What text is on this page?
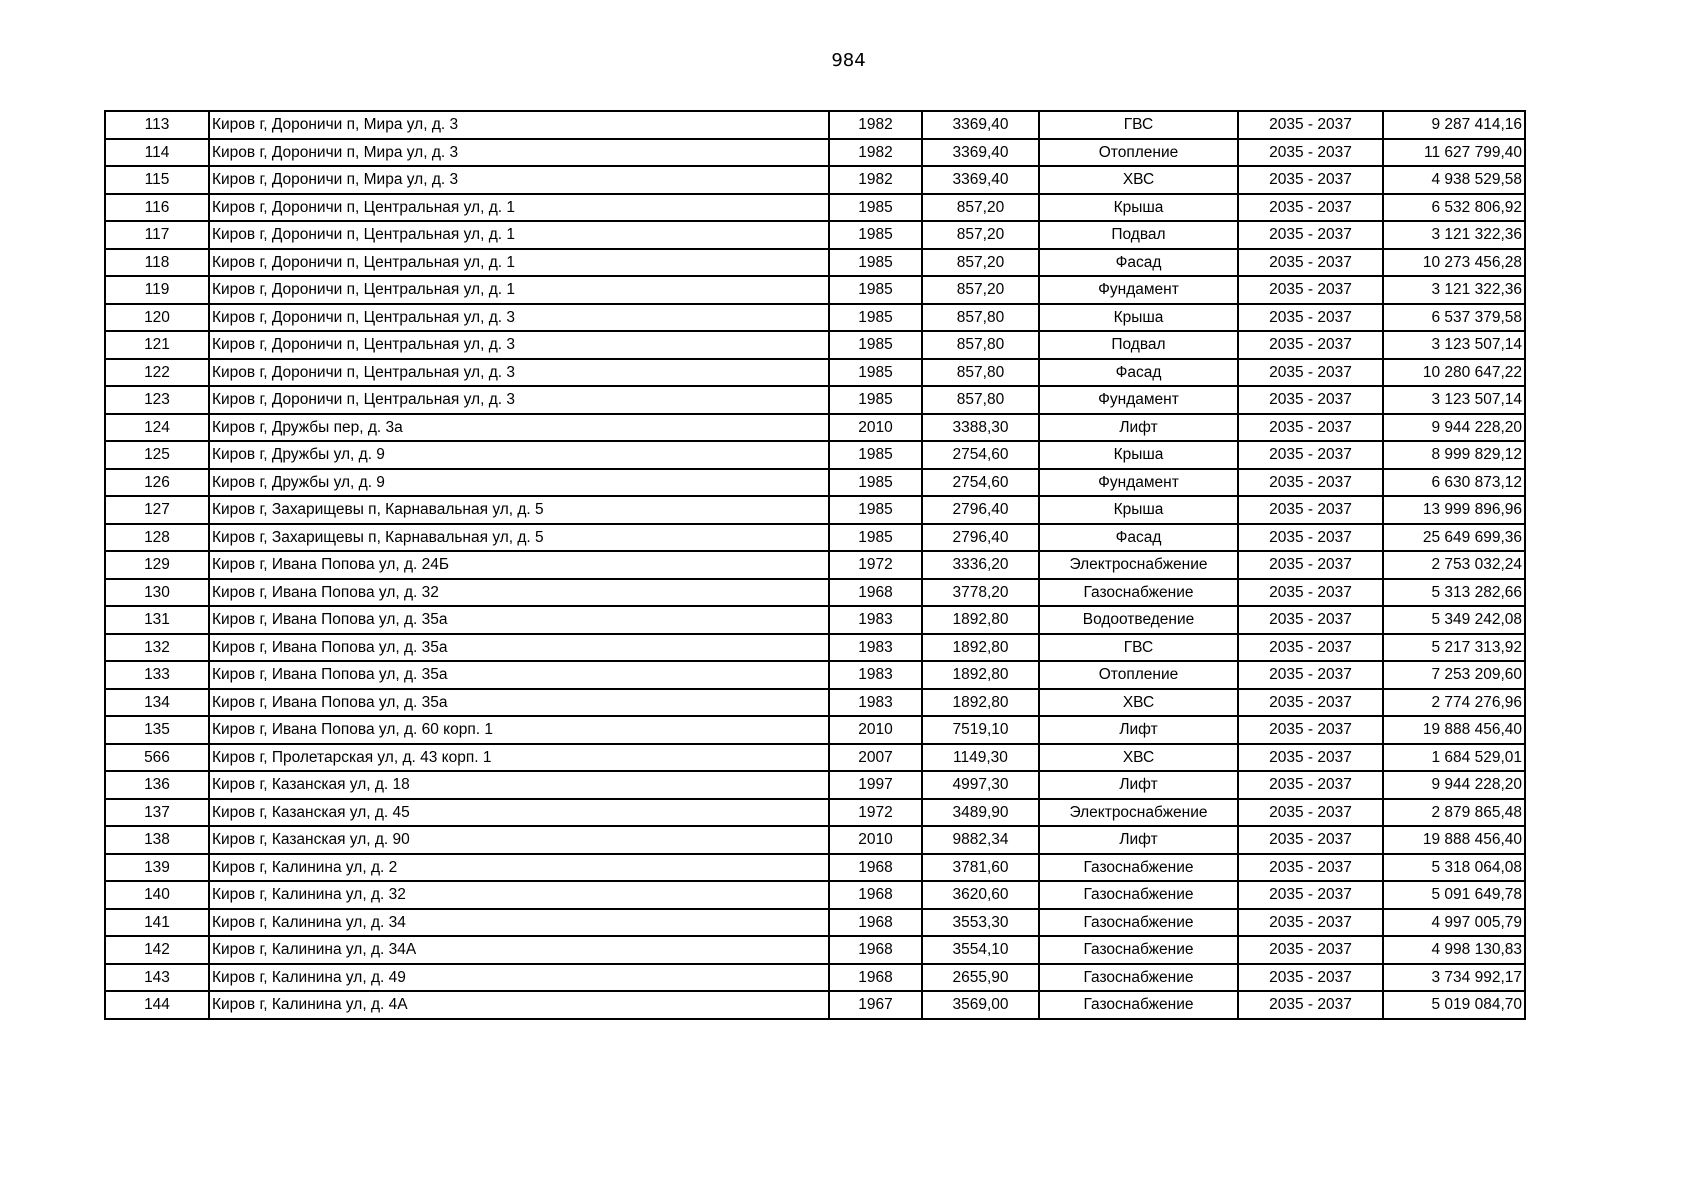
984
113	Киров г, Дороничи п, Мира ул, д. 3	1982	3369,40	ГВС	2035 - 2037	9 287 414,16
114	Киров г, Дороничи п, Мира ул, д. 3	1982	3369,40	Отопление	2035 - 2037	11 627 799,40
115	Киров г, Дороничи п, Мира ул, д. 3	1982	3369,40	ХВС	2035 - 2037	4 938 529,58
116	Киров г, Дороничи п, Центральная ул, д. 1	1985	857,20	Крыша	2035 - 2037	6 532 806,92
117	Киров г, Дороничи п, Центральная ул, д. 1	1985	857,20	Подвал	2035 - 2037	3 121 322,36
118	Киров г, Дороничи п, Центральная ул, д. 1	1985	857,20	Фасад	2035 - 2037	10 273 456,28
119	Киров г, Дороничи п, Центральная ул, д. 1	1985	857,20	Фундамент	2035 - 2037	3 121 322,36
120	Киров г, Дороничи п, Центральная ул, д. 3	1985	857,80	Крыша	2035 - 2037	6 537 379,58
121	Киров г, Дороничи п, Центральная ул, д. 3	1985	857,80	Подвал	2035 - 2037	3 123 507,14
122	Киров г, Дороничи п, Центральная ул, д. 3	1985	857,80	Фасад	2035 - 2037	10 280 647,22
123	Киров г, Дороничи п, Центральная ул, д. 3	1985	857,80	Фундамент	2035 - 2037	3 123 507,14
124	Киров г, Дружбы пер, д. 3а	2010	3388,30	Лифт	2035 - 2037	9 944 228,20
125	Киров г, Дружбы ул, д. 9	1985	2754,60	Крыша	2035 - 2037	8 999 829,12
126	Киров г, Дружбы ул, д. 9	1985	2754,60	Фундамент	2035 - 2037	6 630 873,12
127	Киров г, Захарищевы п, Карнавальная ул, д. 5	1985	2796,40	Крыша	2035 - 2037	13 999 896,96
128	Киров г, Захарищевы п, Карнавальная ул, д. 5	1985	2796,40	Фасад	2035 - 2037	25 649 699,36
129	Киров г, Ивана Попова ул, д. 24Б	1972	3336,20	Электроснабжение	2035 - 2037	2 753 032,24
130	Киров г, Ивана Попова ул, д. 32	1968	3778,20	Газоснабжение	2035 - 2037	5 313 282,66
131	Киров г, Ивана Попова ул, д. 35а	1983	1892,80	Водоотведение	2035 - 2037	5 349 242,08
132	Киров г, Ивана Попова ул, д. 35а	1983	1892,80	ГВС	2035 - 2037	5 217 313,92
133	Киров г, Ивана Попова ул, д. 35а	1983	1892,80	Отопление	2035 - 2037	7 253 209,60
134	Киров г, Ивана Попова ул, д. 35а	1983	1892,80	ХВС	2035 - 2037	2 774 276,96
135	Киров г, Ивана Попова ул, д. 60 корп. 1	2010	7519,10	Лифт	2035 - 2037	19 888 456,40
566	Киров г, Пролетарская ул, д. 43 корп. 1	2007	1149,30	ХВС	2035 - 2037	1 684 529,01
136	Киров г, Казанская ул, д. 18	1997	4997,30	Лифт	2035 - 2037	9 944 228,20
137	Киров г, Казанская ул, д. 45	1972	3489,90	Электроснабжение	2035 - 2037	2 879 865,48
138	Киров г, Казанская ул, д. 90	2010	9882,34	Лифт	2035 - 2037	19 888 456,40
139	Киров г, Калинина ул, д. 2	1968	3781,60	Газоснабжение	2035 - 2037	5 318 064,08
140	Киров г, Калинина ул, д. 32	1968	3620,60	Газоснабжение	2035 - 2037	5 091 649,78
141	Киров г, Калинина ул, д. 34	1968	3553,30	Газоснабжение	2035 - 2037	4 997 005,79
142	Киров г, Калинина ул, д. 34А	1968	3554,10	Газоснабжение	2035 - 2037	4 998 130,83
143	Киров г, Калинина ул, д. 49	1968	2655,90	Газоснабжение	2035 - 2037	3 734 992,17
144	Киров г, Калинина ул, д. 4А	1967	3569,00	Газоснабжение	2035 - 2037	5 019 084,70
